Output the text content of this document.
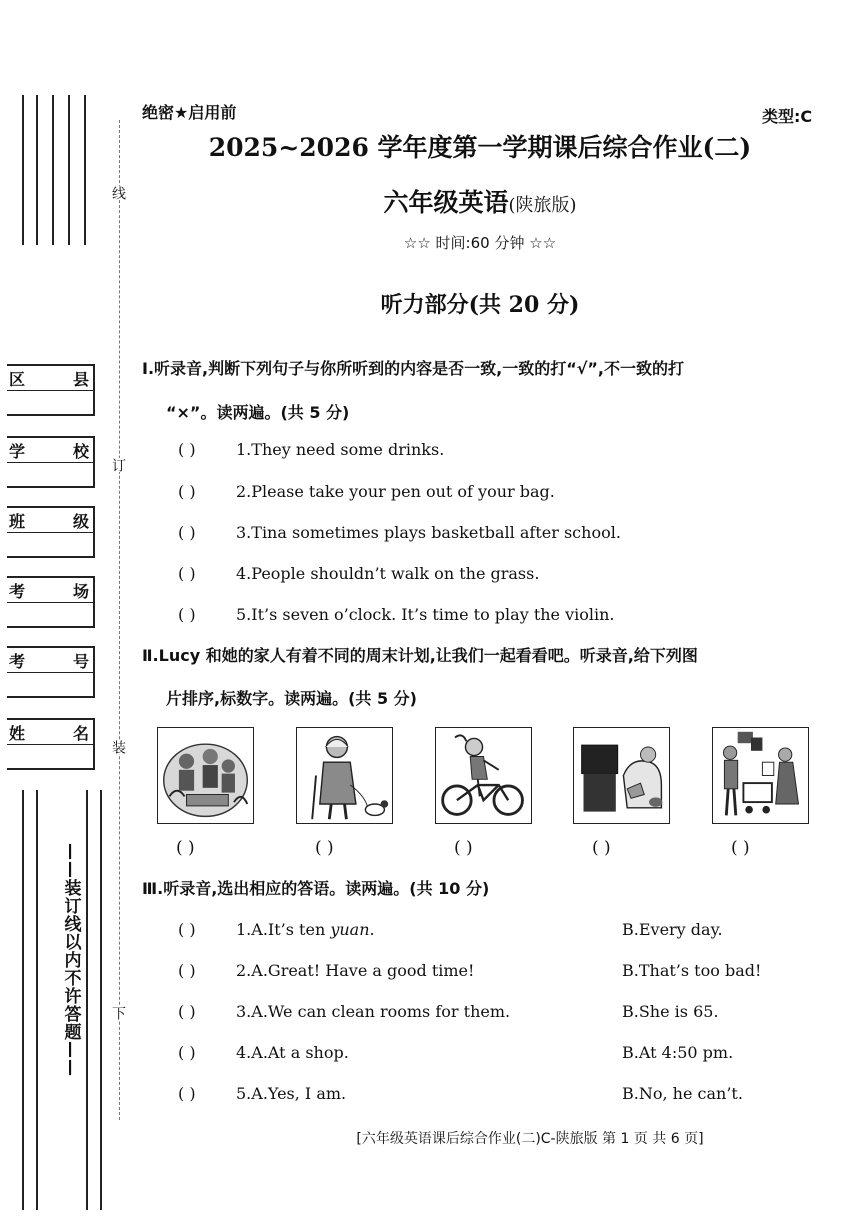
区	县
学	校
班	级
考	场
考	号
姓	名
线
订
装
下
——装订线以内不许答题——
绝密★启用前	类型:C
2025~2026 学年度第一学期课后综合作业(二)
六年级英语(陕旅版)
☆☆ 时间:60 分钟 ☆☆
听力部分(共 20 分)
Ⅰ.听录音,判断下列句子与你所听到的内容是否一致,一致的打“√”,不一致的打
“×”。读两遍。(共 5 分)
( )	1.They need some drinks.
( )	2.Please take your pen out of your bag.
( )	3.Tina sometimes plays basketball after school.
( )	4.People shouldn’t walk on the grass.
( )	5.It’s seven o’clock. It’s time to play the violin.
Ⅱ.Lucy 和她的家人有着不同的周末计划,让我们一起看看吧。听录音,给下列图
片排序,标数字。读两遍。(共 5 分)
( )	( )	( )	( )	( )
Ⅲ.听录音,选出相应的答语。读两遍。(共 10 分)
( )	1.A.It’s ten yuan.	B.Every day.
( )	2.A.Great! Have a good time!	B.That’s too bad!
( )	3.A.We can clean rooms for them.	B.She is 65.
( )	4.A.At a shop.	B.At 4:50 pm.
( )	5.A.Yes, I am.	B.No, he can’t.
[六年级英语课后综合作业(二)C-陕旅版 第 1 页 共 6 页]
